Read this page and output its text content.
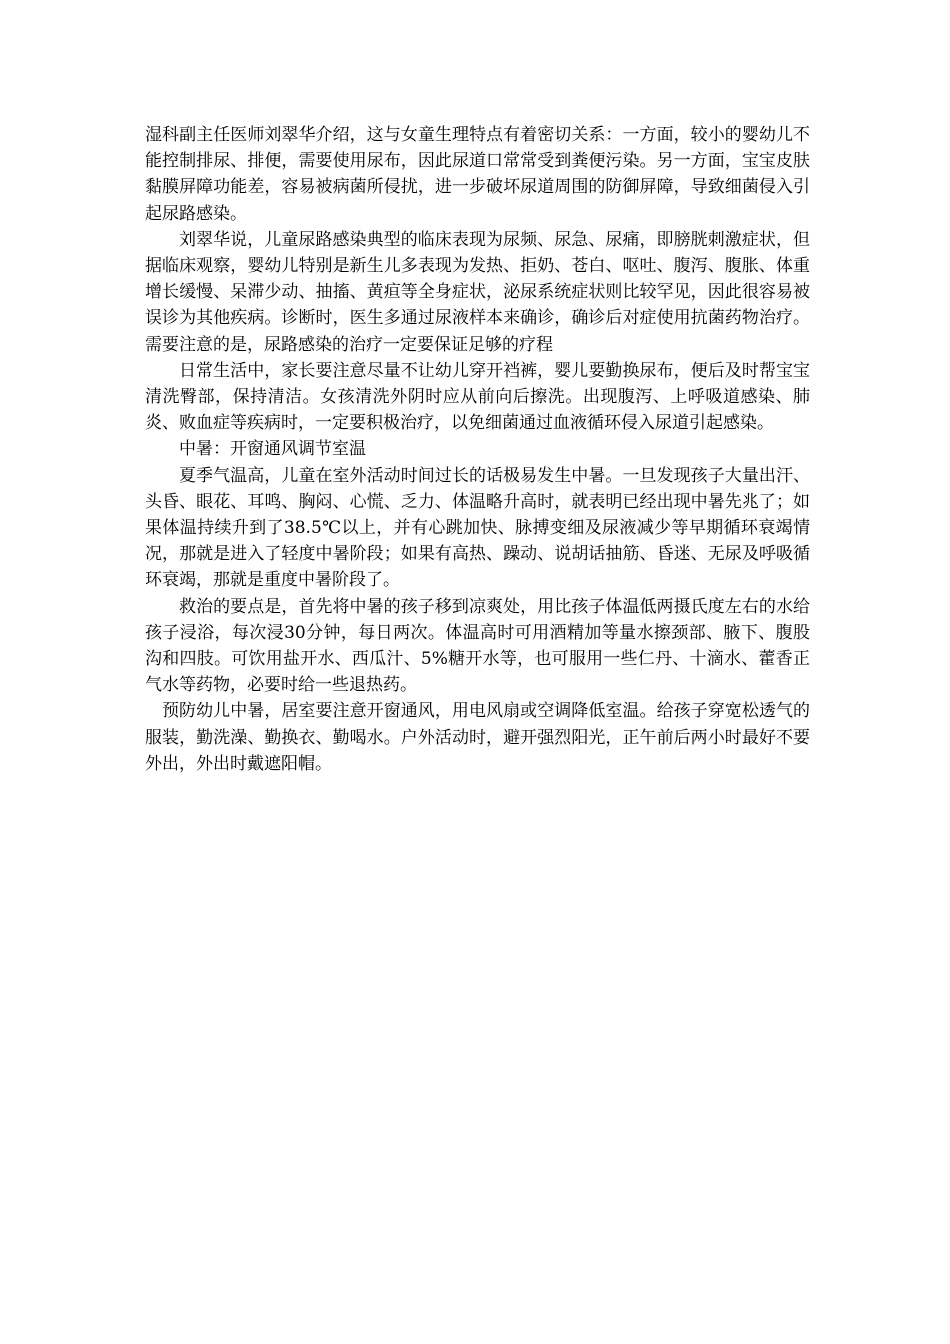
湿科副主任医师刘翠华介绍，这与女童生理特点有着密切关系：一方面，较小的婴幼儿不能控制排尿、排便，需要使用尿布，因此尿道口常常受到粪便污染。另一方面，宝宝皮肤黏膜屏障功能差，容易被病菌所侵扰，进一步破坏尿道周围的防御屏障，导致细菌侵入引起尿路感染。

刘翠华说，儿童尿路感染典型的临床表现为尿频、尿急、尿痛，即膀胱刺激症状，但据临床观察，婴幼儿特别是新生儿多表现为发热、拒奶、苍白、呕吐、腹泻、腹胀、体重增长缓慢、呆滞少动、抽搐、黄疸等全身症状，泌尿系统症状则比较罕见，因此很容易被误诊为其他疾病。诊断时，医生多通过尿液样本来确诊，确诊后对症使用抗菌药物治疗。需要注意的是，尿路感染的治疗一定要保证足够的疗程

日常生活中，家长要注意尽量不让幼儿穿开裆裤，婴儿要勤换尿布，便后及时帮宝宝清洗臀部，保持清洁。女孩清洗外阴时应从前向后擦洗。出现腹泻、上呼吸道感染、肺炎、败血症等疾病时，一定要积极治疗，以免细菌通过血液循环侵入尿道引起感染。

中暑：开窗通风调节室温

夏季气温高，儿童在室外活动时间过长的话极易发生中暑。一旦发现孩子大量出汗、头昏、眼花、耳鸣、胸闷、心慌、乏力、体温略升高时，就表明已经出现中暑先兆了；如果体温持续升到了38.5℃以上，并有心跳加快、脉搏变细及尿液减少等早期循环衰竭情况，那就是进入了轻度中暑阶段；如果有高热、躁动、说胡话抽筋、昏迷、无尿及呼吸循环衰竭，那就是重度中暑阶段了。

救治的要点是，首先将中暑的孩子移到凉爽处，用比孩子体温低两摄氏度左右的水给孩子浸浴，每次浸30分钟，每日两次。体温高时可用酒精加等量水擦颈部、腋下、腹股沟和四肢。可饮用盐开水、西瓜汁、5%糖开水等，也可服用一些仁丹、十滴水、藿香正气水等药物，必要时给一些退热药。

预防幼儿中暑，居室要注意开窗通风，用电风扇或空调降低室温。给孩子穿宽松透气的服装，勤洗澡、勤换衣、勤喝水。户外活动时，避开强烈阳光，正午前后两小时最好不要外出，外出时戴遮阳帽。
